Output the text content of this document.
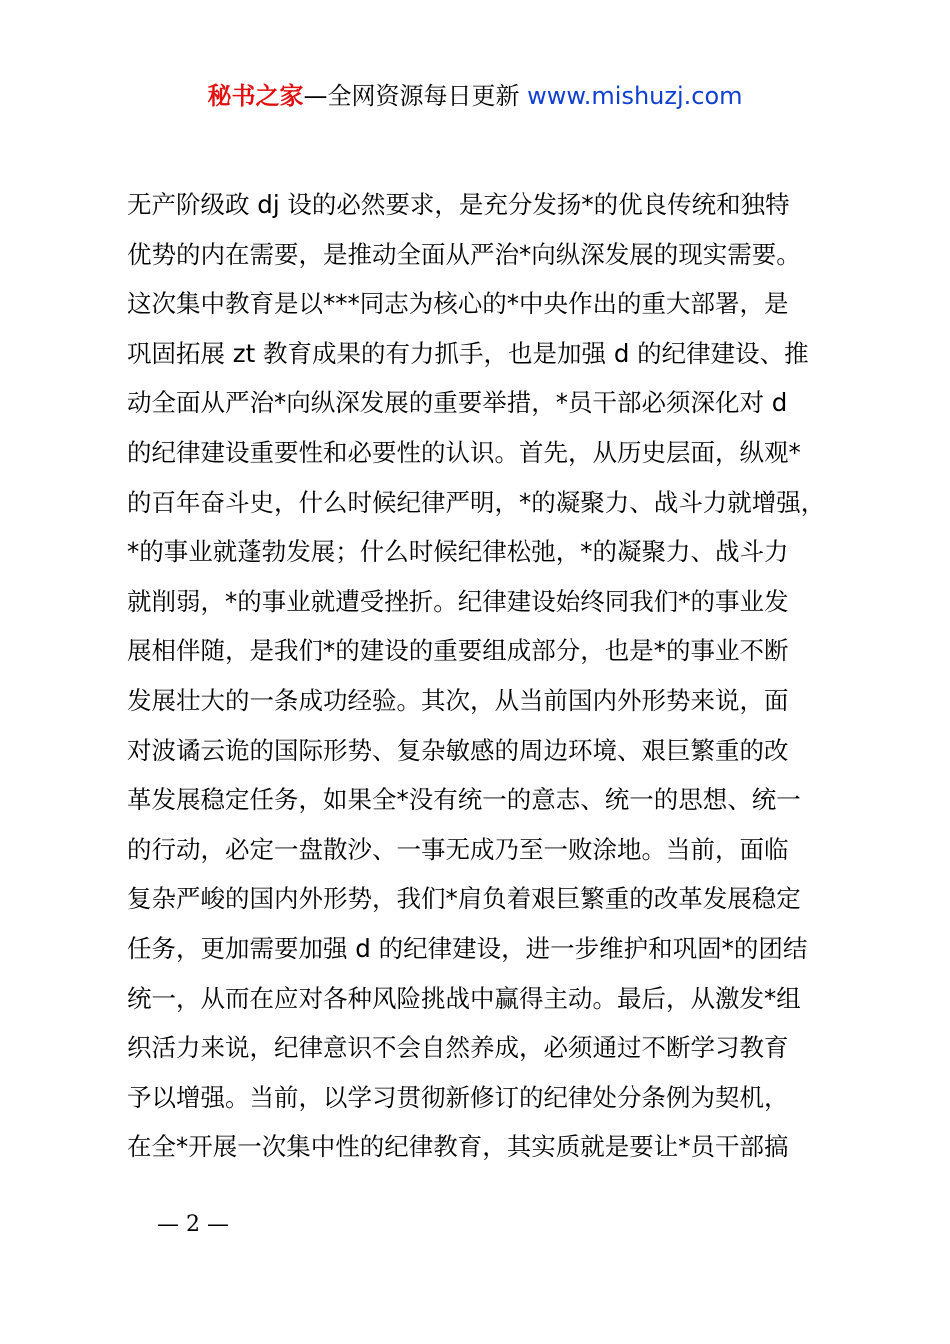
秘书之家—全网资源每日更新 www.mishuzj.com
无产阶级政 dj 设的必然要求，是充分发扬*的优良传统和独特
优势的内在需要，是推动全面从严治*向纵深发展的现实需要。
这次集中教育是以***同志为核心的*中央作出的重大部署，是
巩固拓展 zt 教育成果的有力抓手，也是加强 d 的纪律建设、推
动全面从严治*向纵深发展的重要举措，*员干部必须深化对 d
的纪律建设重要性和必要性的认识。首先，从历史层面，纵观*
的百年奋斗史，什么时候纪律严明，*的凝聚力、战斗力就增强，
*的事业就蓬勃发展；什么时候纪律松弛，*的凝聚力、战斗力
就削弱，*的事业就遭受挫折。纪律建设始终同我们*的事业发
展相伴随，是我们*的建设的重要组成部分，也是*的事业不断
发展壮大的一条成功经验。其次，从当前国内外形势来说，面
对波谲云诡的国际形势、复杂敏感的周边环境、艰巨繁重的改
革发展稳定任务，如果全*没有统一的意志、统一的思想、统一
的行动，必定一盘散沙、一事无成乃至一败涂地。当前，面临
复杂严峻的国内外形势，我们*肩负着艰巨繁重的改革发展稳定
任务，更加需要加强 d 的纪律建设，进一步维护和巩固*的团结
统一，从而在应对各种风险挑战中赢得主动。最后，从激发*组
织活力来说，纪律意识不会自然养成，必须通过不断学习教育
予以增强。当前，以学习贯彻新修订的纪律处分条例为契机，
在全*开展一次集中性的纪律教育，其实质就是要让*员干部搞
— 2 —
